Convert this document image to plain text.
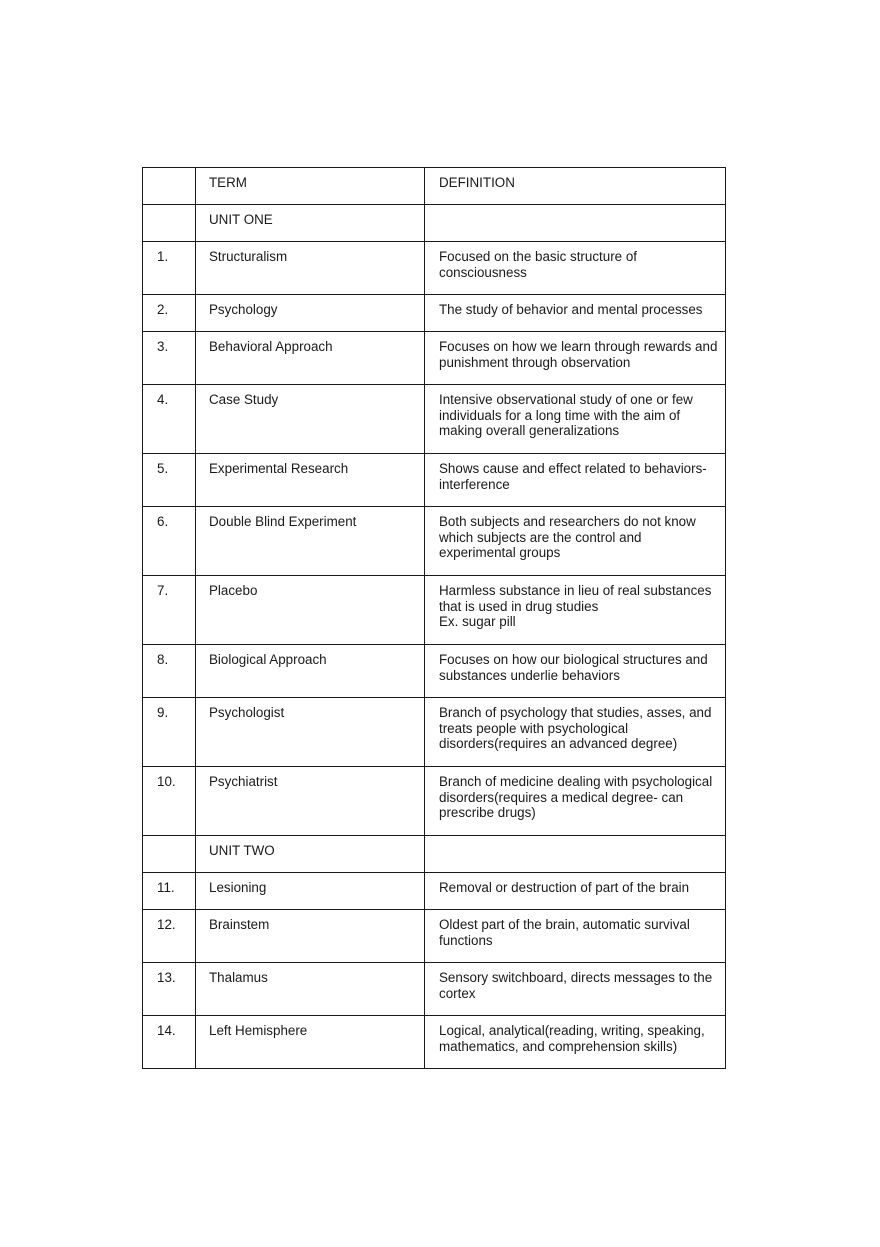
	TERM	DEFINITION
	UNIT ONE	
1.	Structuralism	Focused on the basic structure of
consciousness

2.	Psychology	The study of behavior and mental processes

3.	Behavioral Approach	Focuses on how we learn through rewards and
punishment through observation

4.	Case Study	Intensive observational study of one or few
individuals for a long time with the aim of
making overall generalizations

5.	Experimental Research	Shows cause and effect related to behaviors-
interference

6.	Double Blind Experiment	Both subjects and researchers do not know
which subjects are the control and
experimental groups

7.	Placebo	Harmless substance in lieu of real substances
that is used in drug studies
Ex. sugar pill

8.	Biological Approach	Focuses on how our biological structures and
substances underlie behaviors

9.	Psychologist	Branch of psychology that studies, asses, and
treats people with psychological
disorders(requires an advanced degree)

10.	Psychiatrist	Branch of medicine dealing with psychological
disorders(requires a medical degree- can
prescribe drugs)

	UNIT TWO	
11.	Lesioning	Removal or destruction of part of the brain

12.	Brainstem	Oldest part of the brain, automatic survival
functions

13.	Thalamus	Sensory switchboard, directs messages to the
cortex

14.	Left Hemisphere	Logical, analytical(reading, writing, speaking,
mathematics, and comprehension skills)
